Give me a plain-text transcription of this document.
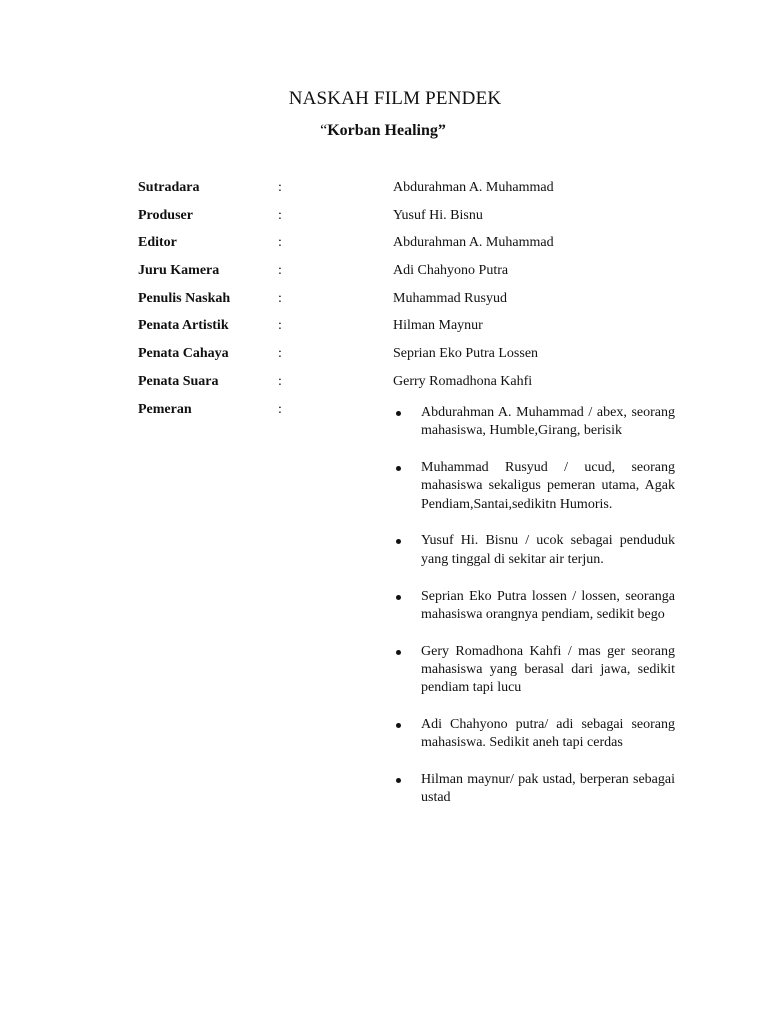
NASKAH FILM PENDEK

“Korban Healing”

Sutradara	:	Abdurahman A. Muhammad
Produser	:	Yusuf Hi. Bisnu
Editor	:	Abdurahman A. Muhammad
Juru Kamera	:	Adi Chahyono Putra
Penulis Naskah	:	Muhammad Rusyud
Penata Artistik	:	Hilman Maynur
Penata Cahaya	:	Seprian Eko Putra Lossen
Penata Suara	:	Gerry Romadhona Kahfi
Pemeran	:	Abdurahman A. Muhammad / abex, seorang mahasiswa, Humble,Girang, berisik
Muhammad Rusyud / ucud, seorang mahasiswa sekaligus pemeran utama, Agak Pendiam,Santai,sedikitn Humoris.
Yusuf Hi. Bisnu / ucok sebagai penduduk yang tinggal di sekitar air terjun.
Seprian Eko Putra lossen / lossen, seoranga mahasiswa orangnya pendiam, sedikit bego
Gery Romadhona Kahfi / mas ger seorang mahasiswa yang berasal dari jawa, sedikit pendiam tapi lucu
Adi Chahyono putra/ adi sebagai seorang mahasiswa. Sedikit aneh tapi cerdas
Hilman maynur/ pak ustad, berperan sebagai ustad
